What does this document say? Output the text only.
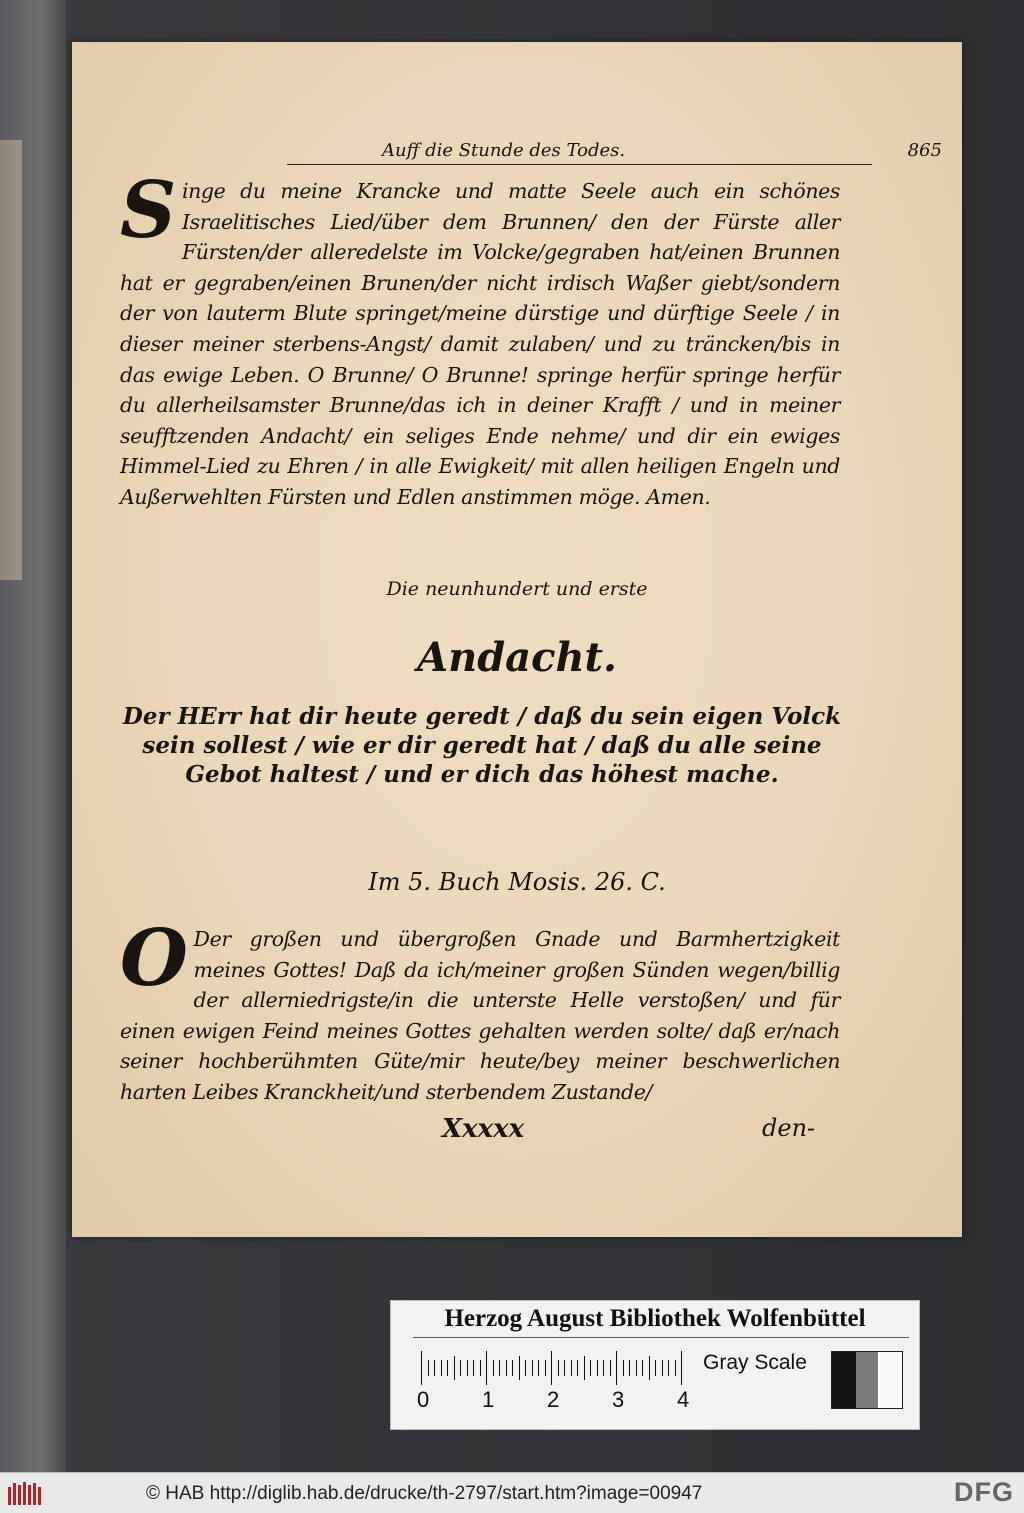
Auff die Stunde des Todes.	865
Singe du meine Krancke und matte Seele auch ein schönes Israelitisches Lied/über dem Brunnen/ den der Fürste aller Fürsten/der alleredelste im Volcke/gegraben hat/einen Brunnen hat er gegraben/einen Brunen/der nicht irdisch Waßer giebt/sondern der von lauterm Blute springet/meine dürstige und dürftige Seele / in dieser meiner sterbens-Angst/ damit zulaben/ und zu träncken/bis in das ewige Leben. O Brunne/ O Brunne! springe herfür springe herfür du allerheilsamster Brunne/das ich in deiner Krafft / und in meiner seufftzenden Andacht/ ein seliges Ende nehme/ und dir ein ewiges Himmel-Lied zu Ehren / in alle Ewigkeit/ mit allen heiligen Engeln und Außerwehlten Fürsten und Edlen anstimmen möge. Amen.
Die neunhundert und erste
Andacht.
Der HErr hat dir heute geredt / daß du sein eigen Volck sein sollest / wie er dir geredt hat / daß du alle seine Gebot haltest / und er dich das höhest mache.
Im 5. Buch Mosis. 26. C.
O Der großen und übergroßen Gnade und Barmhertzigkeit meines Gottes! Daß da ich/meiner großen Sünden wegen/billig der allerniedrigste/in die unterste Helle verstoßen/ und für einen ewigen Feind meines Gottes gehalten werden solte/ daß er/nach seiner hochberühmten Güte/mir heute/bey meiner beschwerlichen harten Leibes Kranckheit/und sterbendem Zustande/
Xxxxx	den-
Herzog August Bibliothek Wolfenbüttel
0 1 2 3 4
Gray Scale
© HAB http://diglib.hab.de/drucke/th-2797/start.htm?image=00947	DFG
